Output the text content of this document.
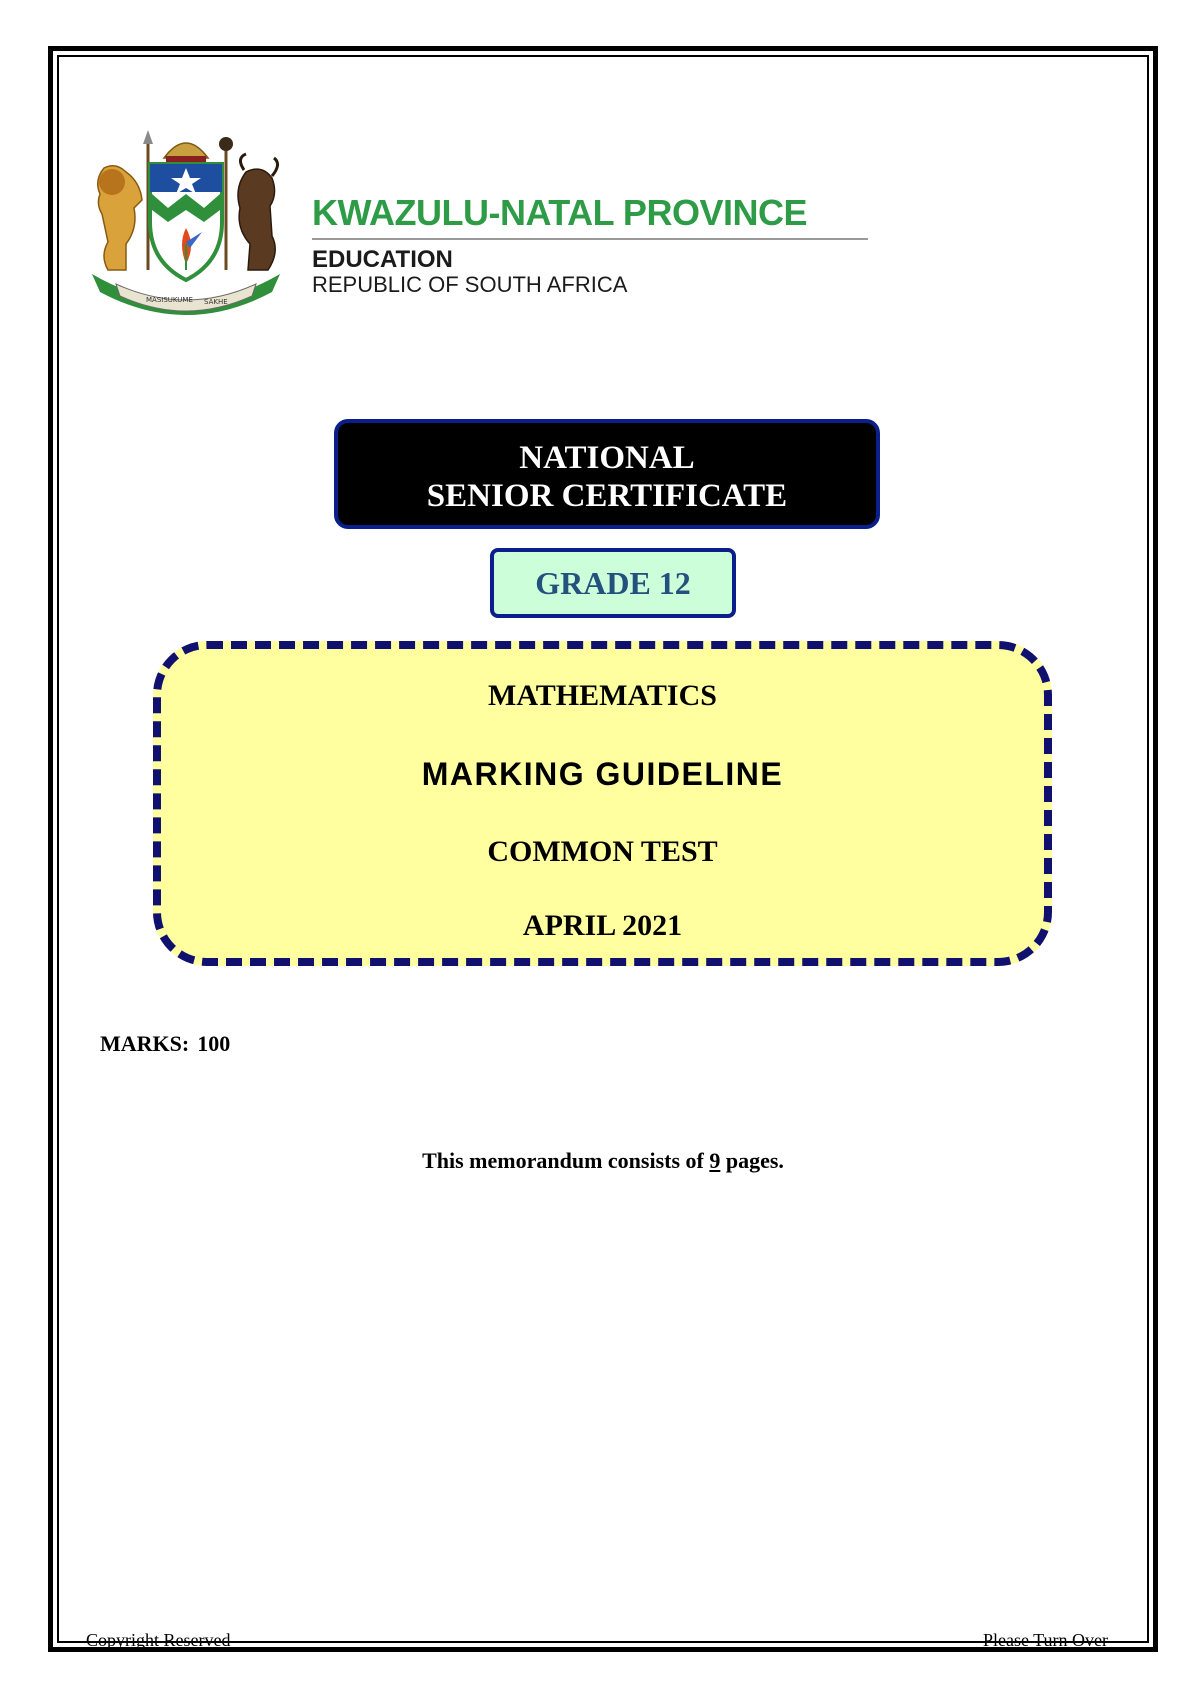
MASISUKUME SAKHE
KWAZULU-NATAL PROVINCE
EDUCATION
REPUBLIC OF SOUTH AFRICA
NATIONAL
SENIOR CERTIFICATE
GRADE 12
MATHEMATICS
MARKING GUIDELINE
COMMON TEST
APRIL 2021
MARKS: 100
This memorandum consists of 9 pages.
Copyright Reserved	Please Turn Over
